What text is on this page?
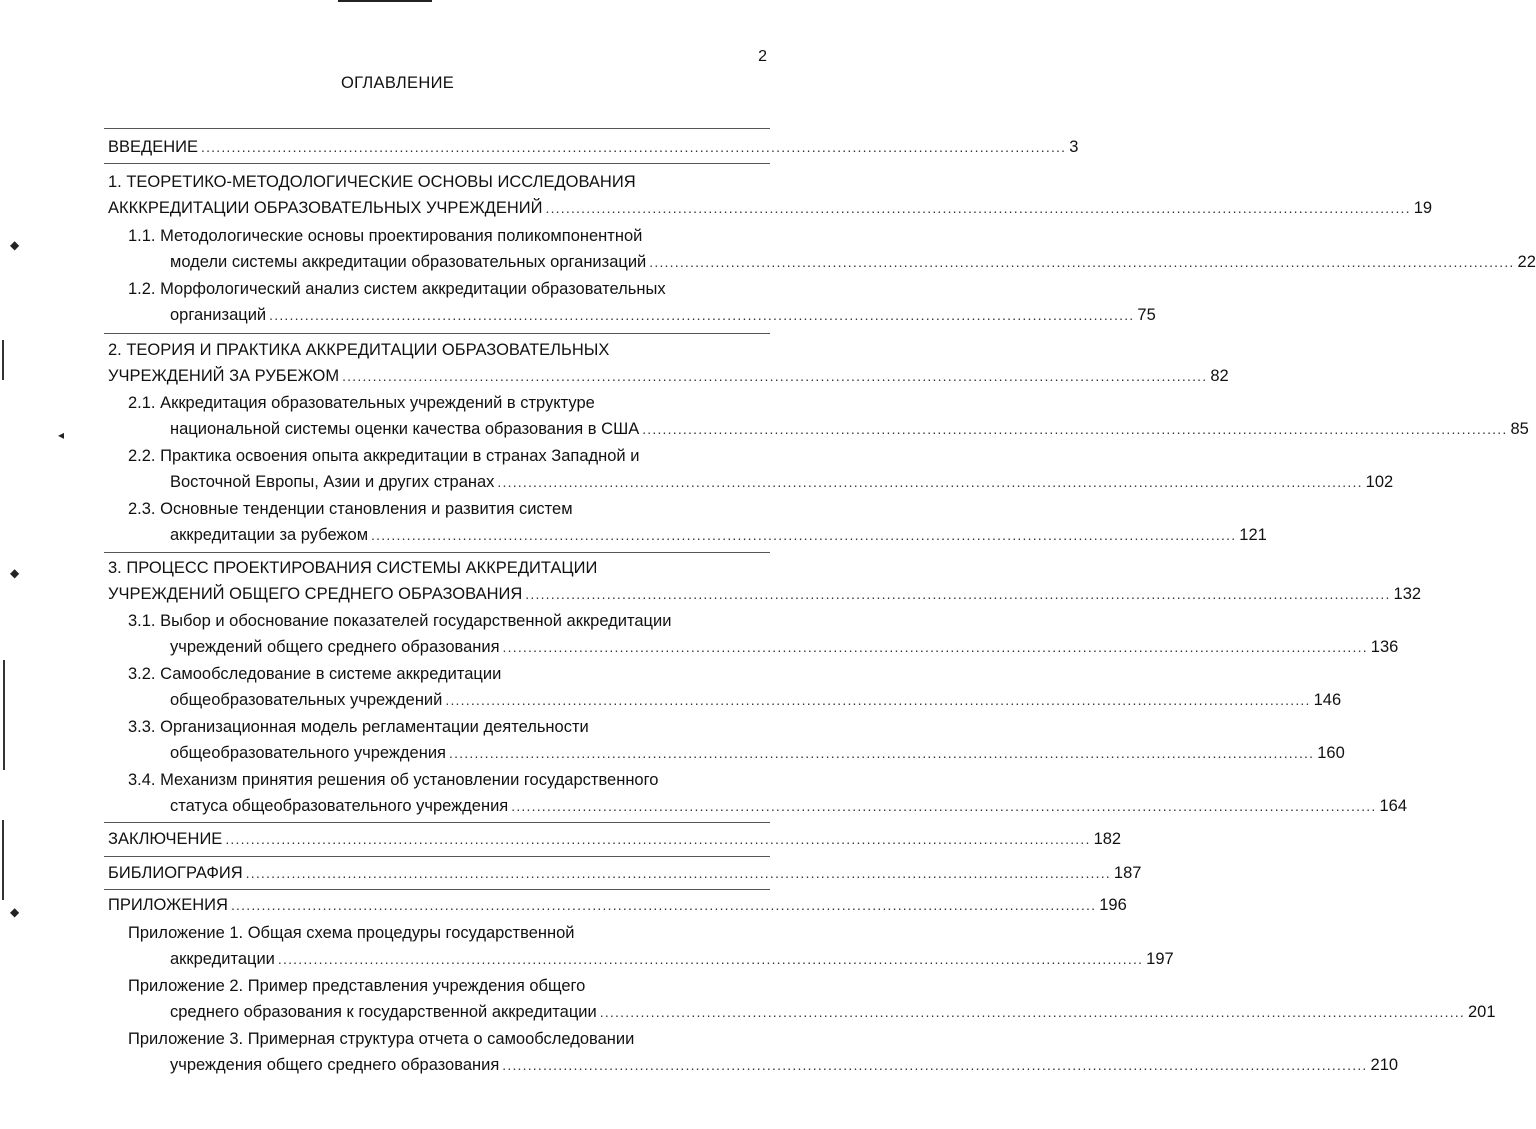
2
ОГЛАВЛЕНИЕ
ВВЕДЕНИЕ .......................................................................................................................................................................... 3
1. ТЕОРЕТИКО-МЕТОДОЛОГИЧЕСКИЕ ОСНОВЫ ИССЛЕДОВАНИЯ
АКККРЕДИТАЦИИ ОБРАЗОВАТЕЛЬНЫХ УЧРЕЖДЕНИЙ .......................................................................................................................................................................... 19
1.1. Методологические основы проектирования поликомпонентной
модели системы аккредитации образовательных организаций .......................................................................................................................................................................... 22
1.2. Морфологический анализ систем аккредитации образовательных
организаций .......................................................................................................................................................................... 75
2. ТЕОРИЯ И ПРАКТИКА АККРЕДИТАЦИИ ОБРАЗОВАТЕЛЬНЫХ
УЧРЕЖДЕНИЙ ЗА РУБЕЖОМ .......................................................................................................................................................................... 82
2.1. Аккредитация образовательных учреждений в структуре
национальной системы оценки качества образования в США .......................................................................................................................................................................... 85
2.2. Практика освоения опыта аккредитации в странах Западной и
Восточной Европы, Азии и других странах .......................................................................................................................................................................... 102
2.3. Основные тенденции становления и развития систем
аккредитации за рубежом .......................................................................................................................................................................... 121
3. ПРОЦЕСС ПРОЕКТИРОВАНИЯ СИСТЕМЫ АККРЕДИТАЦИИ
УЧРЕЖДЕНИЙ ОБЩЕГО СРЕДНЕГО ОБРАЗОВАНИЯ .......................................................................................................................................................................... 132
3.1. Выбор и обоснование показателей государственной аккредитации
учреждений общего среднего образования .......................................................................................................................................................................... 136
3.2. Самообследование в системе аккредитации
общеобразовательных учреждений .......................................................................................................................................................................... 146
3.3. Организационная модель регламентации деятельности
общеобразовательного учреждения .......................................................................................................................................................................... 160
3.4. Механизм принятия решения об установлении государственного
статуса общеобразовательного учреждения .......................................................................................................................................................................... 164
ЗАКЛЮЧЕНИЕ .......................................................................................................................................................................... 182
БИБЛИОГРАФИЯ .......................................................................................................................................................................... 187
ПРИЛОЖЕНИЯ .......................................................................................................................................................................... 196
Приложение 1. Общая схема процедуры государственной
аккредитации .......................................................................................................................................................................... 197
Приложение 2. Пример представления учреждения общего
среднего образования к государственной аккредитации .......................................................................................................................................................................... 201
Приложение 3. Примерная структура отчета о самообследовании
учреждения общего среднего образования .......................................................................................................................................................................... 210
◆
◂
◆
◆
